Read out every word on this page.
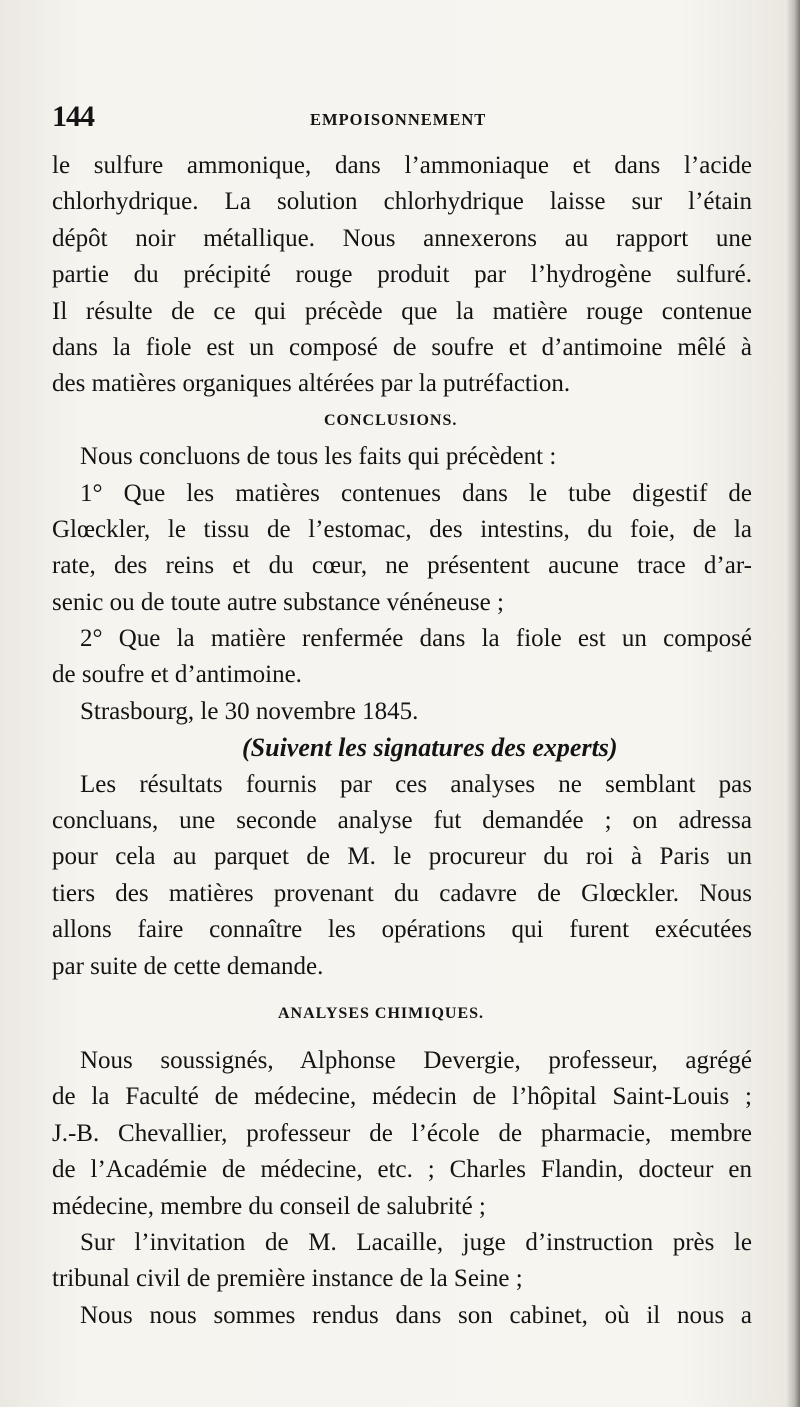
144	EMPOISONNEMENT
le sulfure ammonique, dans l’ammoniaque et dans l’acide
chlorhydrique. La solution chlorhydrique laisse sur l’étain
dépôt noir métallique. Nous annexerons au rapport une
partie du précipité rouge produit par l’hydrogène sulfuré.
Il résulte de ce qui précède que la matière rouge contenue
dans la fiole est un composé de soufre et d’antimoine mêlé à
des matières organiques altérées par la putréfaction.
CONCLUSIONS.
Nous concluons de tous les faits qui précèdent :
1° Que les matières contenues dans le tube digestif de
Glœckler, le tissu de l’estomac, des intestins, du foie, de la
rate, des reins et du cœur, ne présentent aucune trace d’ar-
senic ou de toute autre substance vénéneuse ;
2° Que la matière renfermée dans la fiole est un composé
de soufre et d’antimoine.
Strasbourg, le 30 novembre 1845.
(Suivent les signatures des experts)
Les résultats fournis par ces analyses ne semblant pas
concluans, une seconde analyse fut demandée ; on adressa
pour cela au parquet de M. le procureur du roi à Paris un
tiers des matières provenant du cadavre de Glœckler. Nous
allons faire connaître les opérations qui furent exécutées
par suite de cette demande.
ANALYSES CHIMIQUES.
Nous soussignés, Alphonse Devergie, professeur, agrégé
de la Faculté de médecine, médecin de l’hôpital Saint-Louis ;
J.-B. Chevallier, professeur de l’école de pharmacie, membre
de l’Académie de médecine, etc. ; Charles Flandin, docteur en
médecine, membre du conseil de salubrité ;
Sur l’invitation de M. Lacaille, juge d’instruction près le
tribunal civil de première instance de la Seine ;
Nous nous sommes rendus dans son cabinet, où il nous a
